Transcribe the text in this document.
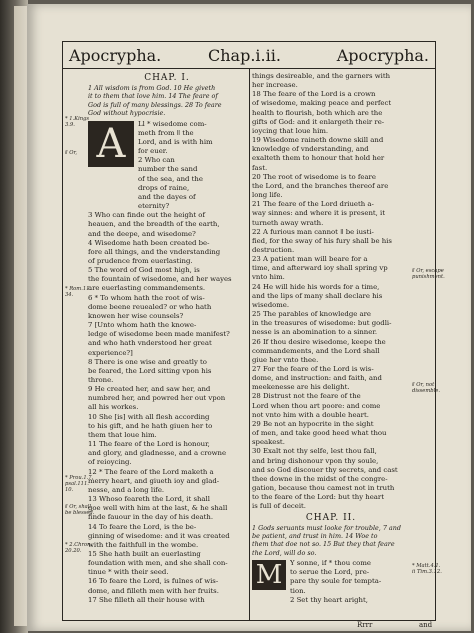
Apocrypha.	Chap.i.ii.	Apocrypha.

CHAP. I.

1 All wisdom is from God. 10 He giveth

it to them that love him. 14 The feare of

God is full of many blessings. 28 To feare

God without hypocrisie.

A	Ll * wisedome com-

meth from ǁ the

Lord, and is with him

for euer.

2 Who can

number the sand

of the sea, and the

drops of raine,

and the dayes of

eternity?

3 Who can finde out the height of

heauen, and the breadth of the earth,

and the deepe, and wisedome?

4 Wisedome hath been created be-

fore all things, and the vnderstanding

of prudence from euerlasting.

5 The word of God most high, is

the fountain of wisedome, and her wayes

are euerlasting commandements.

6 * To whom hath the root of wis-

dome beene reuealed? or who hath

knowen her wise counsels?

7 [Unto whom hath the knowe-

ledge of wisedome been made manifest?

and who hath vnderstood her great

experience?]

8 There is one wise and greatly to

be feared, the Lord sitting vpon his

throne.

9 He created her, and saw her, and

numbred her, and powred her out vpon

all his workes.

10 She [is] with all flesh according

to his gift, and he hath giuen her to

them that loue him.

11 The feare of the Lord is honour,

and glory, and gladnesse, and a crowne

of reioycing.

12 * The feare of the Lord maketh a

merry heart, and giueth ioy and glad-

nesse, and a long life.

13 Whoso feareth the Lord, it shall

goe well with him at the last, & he shall

finde fauour in the day of his death.

14 To feare the Lord, is the be-

ginning of wisedome: and it was created

with the faithfull in the wombe.

15 She hath built an euerlasting

foundation with men, and she shall con-

tinue * with their seed.

16 To feare the Lord, is fulnes of wis-

dome, and filleth men with her fruits.

17 She filleth all their house with

things desireable, and the garners with

her increase.

18 The feare of the Lord is a crown

of wisedome, making peace and perfect

health to flourish, both which are the

gifts of God: and it enlargeth their re-

ioycing that loue him.

19 Wisedome raineth downe skill and

knowledge of vnderstanding, and

exalteth them to honour that hold her

fast.

20 The root of wisedome is to feare

the Lord, and the branches thereof are

long life.

21 The feare of the Lord driueth a-

way sinnes: and where it is present, it

turneth away wrath.

22 A furious man cannot ǁ be iusti-

fied, for the sway of his fury shall be his

destruction.

23 A patient man will beare for a

time, and afterward ioy shall spring vp

vnto him.

24 He will hide his words for a time,

and the lips of many shall declare his

wisedome.

25 The parables of knowledge are

in the treasures of wisedome: but godli-

nesse is an abomination to a sinner.

26 If thou desire wisedome, keepe the

commandements, and the Lord shall

giue her vnto thee.

27 For the feare of the Lord is wis-

dome, and instruction: and faith, and

meekenesse are his delight.

28 Distrust not the feare of the

Lord when thou art poore: and come

not vnto him with a double heart.

29 Be not an hypocrite in the sight

of men, and take good heed what thou

speakest.

30 Exalt not thy selfe, lest thou fall,

and bring dishonour vpon thy soule,

and so God discouer thy secrets, and cast

thee downe in the midst of the congre-

gation, because thou camest not in truth

to the feare of the Lord: but thy heart

is full of deceit.

CHAP. II.

1 Gods seruants must looke for trouble, 7 and

be patient, and trust in him. 14 Woe to

them that doe not so. 15 But they that feare

the Lord, will do so.

M	Y sonne, if * thou come

to serue the Lord, pre-

pare thy soule for tempta-

tion.

2 Set thy heart aright,

* 1.Kings
3.9.
ǁ Or,
* Rom.11.
34.
* Prou.1.7.
psal.111.
10.
ǁ Or, shall
be blessed.
* 2.Chron.
20.20.
ǁ Or, escape
punishment.
ǁ Or, not
dissemble.
* Matt.4.1.
ii Tim.3.12.
Rrrr	and
